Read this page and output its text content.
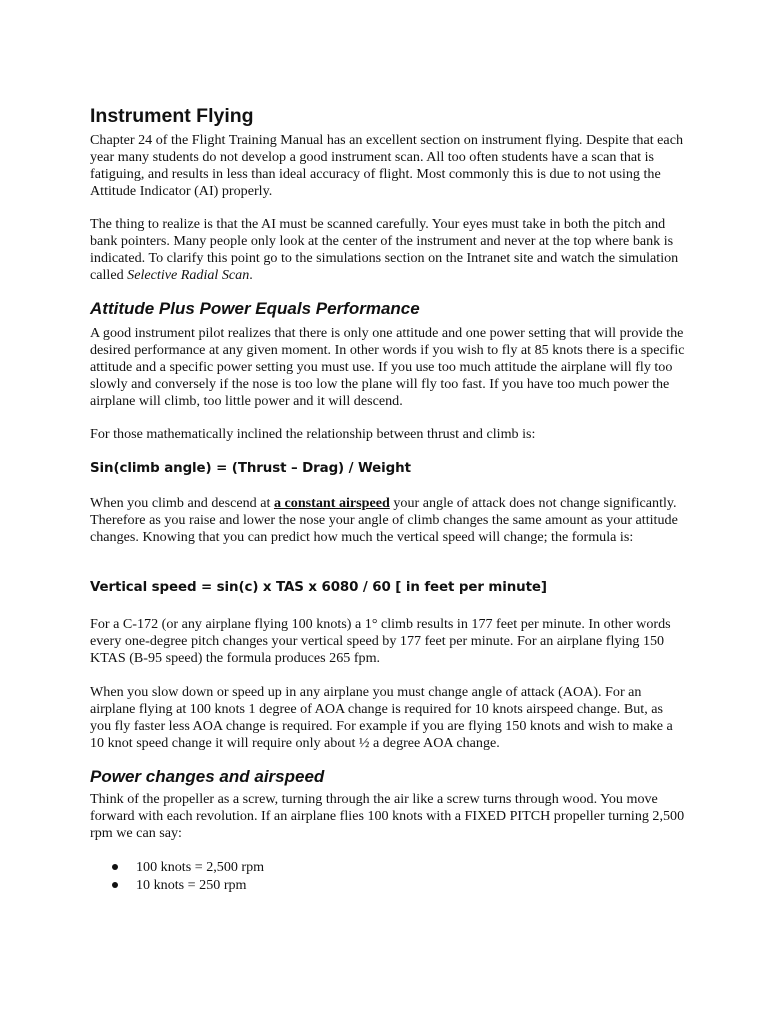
Instrument Flying

Chapter 24 of the Flight Training Manual has an excellent section on instrument flying. Despite that each year many students do not develop a good instrument scan. All too often students have a scan that is fatiguing, and results in less than ideal accuracy of flight. Most commonly this is due to not using the Attitude Indicator (AI) properly.

The thing to realize is that the AI must be scanned carefully. Your eyes must take in both the pitch and bank pointers. Many people only look at the center of the instrument and never at the top where bank is indicated. To clarify this point go to the simulations section on the Intranet site and watch the simulation called Selective Radial Scan.

Attitude Plus Power Equals Performance

A good instrument pilot realizes that there is only one attitude and one power setting that will provide the desired performance at any given moment. In other words if you wish to fly at 85 knots there is a specific attitude and a specific power setting you must use. If you use too much attitude the airplane will fly too slowly and conversely if the nose is too low the plane will fly too fast. If you have too much power the airplane will climb, too little power and it will descend.

For those mathematically inclined the relationship between thrust and climb is:

Sin(climb angle) = (Thrust – Drag) / Weight

When you climb and descend at a constant airspeed your angle of attack does not change significantly. Therefore as you raise and lower the nose your angle of climb changes the same amount as your attitude changes. Knowing that you can predict how much the vertical speed will change; the formula is:

Vertical speed = sin(c) x TAS x 6080 / 60 [ in feet per minute]

For a C-172 (or any airplane flying 100 knots) a 1° climb results in 177 feet per minute. In other words every one-degree pitch changes your vertical speed by 177 feet per minute. For an airplane flying 150 KTAS (B-95 speed) the formula produces 265 fpm.

When you slow down or speed up in any airplane you must change angle of attack (AOA). For an airplane flying at 100 knots 1 degree of AOA change is required for 10 knots airspeed change. But, as you fly faster less AOA change is required. For example if you are flying 150 knots and wish to make a 10 knot speed change it will require only about ½ a degree AOA change.

Power changes and airspeed

Think of the propeller as a screw, turning through the air like a screw turns through wood. You move forward with each revolution. If an airplane flies 100 knots with a FIXED PITCH propeller turning 2,500 rpm we can say:

100 knots = 2,500 rpm
10 knots = 250 rpm
